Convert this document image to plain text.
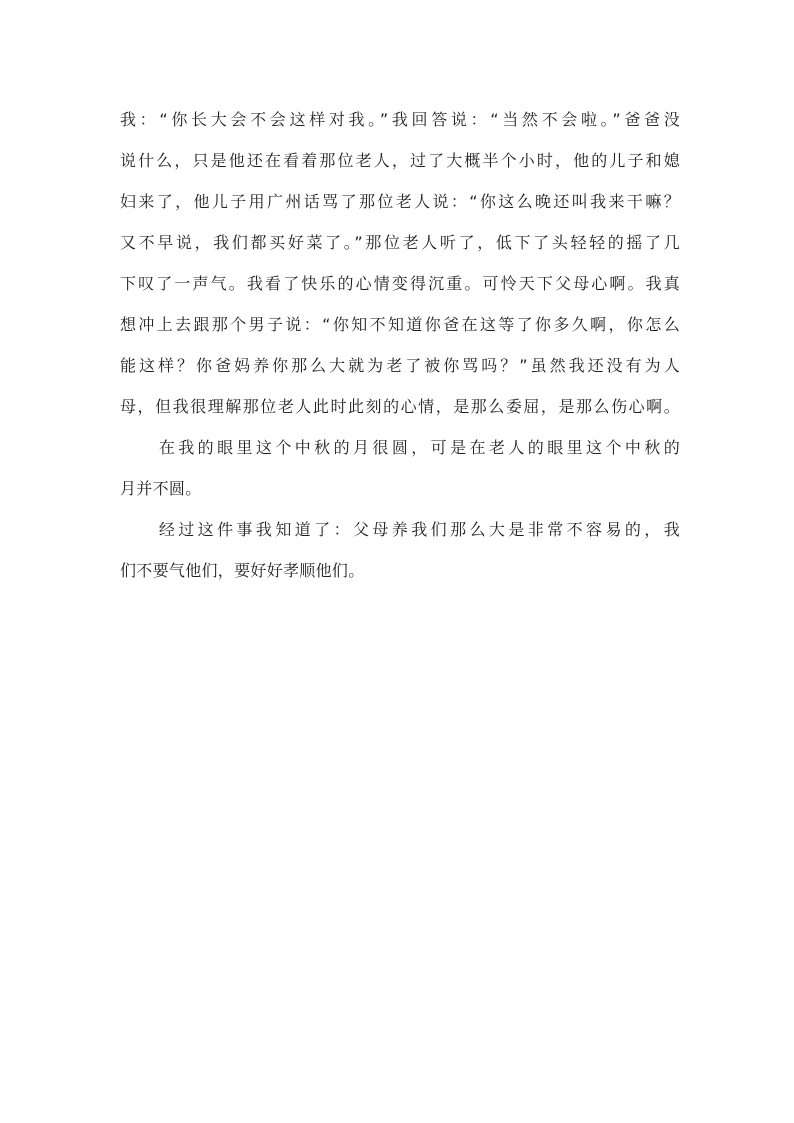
我：“你长大会不会这样对我。”我回答说：“当然不会啦。”爸爸没
说什么，只是他还在看着那位老人，过了大概半个小时，他的儿子和媳
妇来了，他儿子用广州话骂了那位老人说：“你这么晚还叫我来干嘛？
又不早说，我们都买好菜了。”那位老人听了，低下了头轻轻的摇了几
下叹了一声气。我看了快乐的心情变得沉重。可怜天下父母心啊。我真
想冲上去跟那个男子说：“你知不知道你爸在这等了你多久啊，你怎么
能这样？你爸妈养你那么大就为老了被你骂吗？”虽然我还没有为人
母，但我很理解那位老人此时此刻的心情，是那么委屈，是那么伤心啊。
　　在我的眼里这个中秋的月很圆，可是在老人的眼里这个中秋的
月并不圆。
　　经过这件事我知道了：父母养我们那么大是非常不容易的，我
们不要气他们，要好好孝顺他们。
